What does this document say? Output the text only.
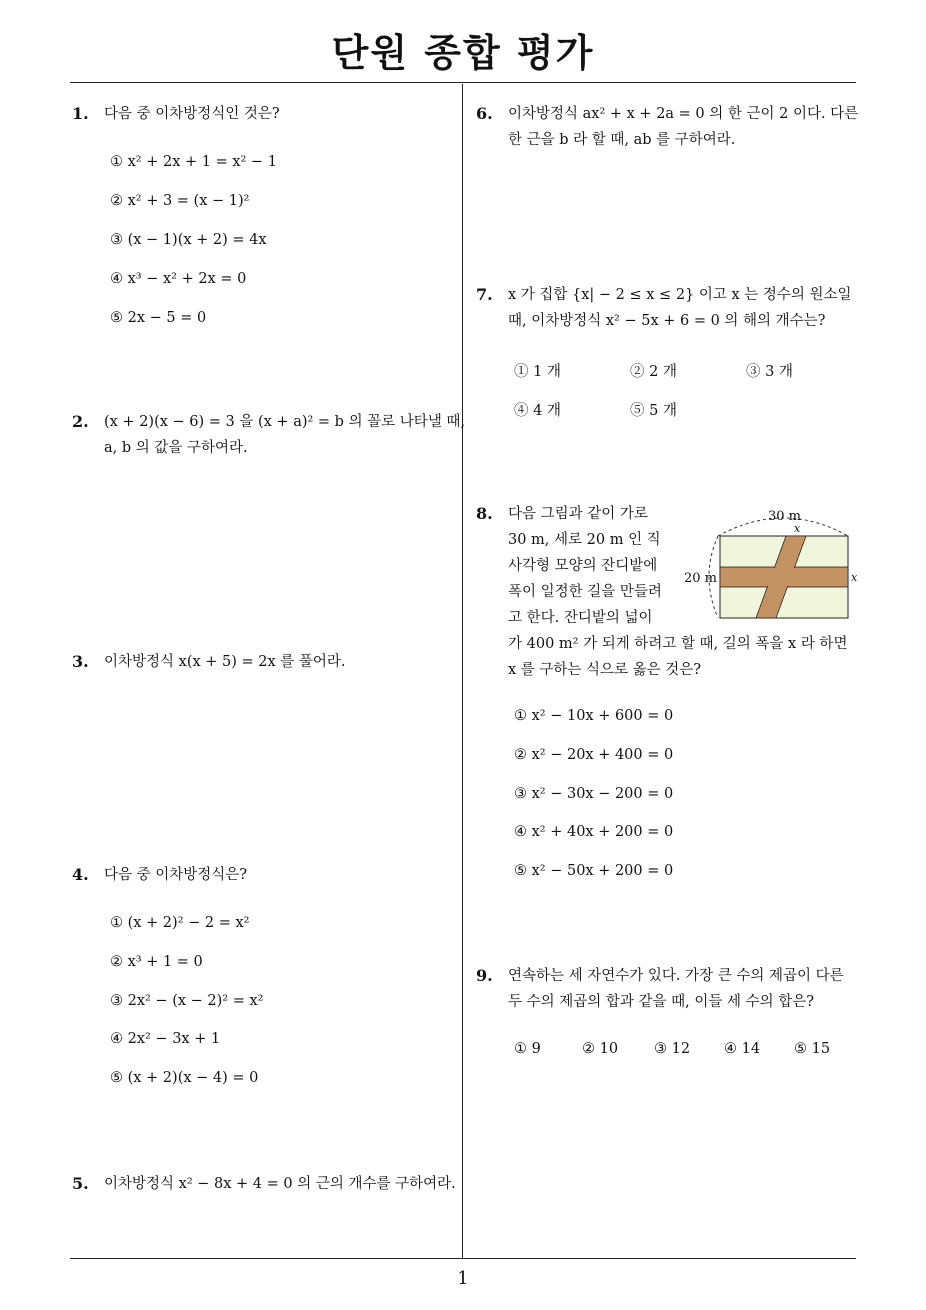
단원 종합 평가
1. 다음 중 이차방정식인 것은?
① x² + 2x + 1 = x² − 1
② x² + 3 = (x − 1)²
③ (x − 1)(x + 2) = 4x
④ x³ − x² + 2x = 0
⑤ 2x − 5 = 0
2. (x + 2)(x − 6) = 3 을 (x + a)² = b 의 꼴로 나타낼 때,
a, b 의 값을 구하여라.
3. 이차방정식 x(x + 5) = 2x 를 풀어라.
4. 다음 중 이차방정식은?
① (x + 2)² − 2 = x²
② x³ + 1 = 0
③ 2x² − (x − 2)² = x²
④ 2x² − 3x + 1
⑤ (x + 2)(x − 4) = 0
5. 이차방정식 x² − 8x + 4 = 0 의 근의 개수를 구하여라.
6. 이차방정식 ax² + x + 2a = 0 의 한 근이 2 이다. 다른
한 근을 b 라 할 때, ab 를 구하여라.
7. x 가 집합 {x| − 2 ≤ x ≤ 2} 이고 x 는 정수의 원소일
때, 이차방정식 x² − 5x + 6 = 0 의 해의 개수는?
① 1 개	② 2 개	③ 3 개
④ 4 개	⑤ 5 개
8. 다음 그림과 같이 가로
30 m, 세로 20 m 인 직
사각형 모양의 잔디밭에
폭이 일정한 길을 만들려
고 한다. 잔디밭의 넓이
가 400 m² 가 되게 하려고 할 때, 길의 폭을 x 라 하면
x 를 구하는 식으로 옳은 것은?
30 m
x
20 m	x
① x² − 10x + 600 = 0
② x² − 20x + 400 = 0
③ x² − 30x − 200 = 0
④ x² + 40x + 200 = 0
⑤ x² − 50x + 200 = 0
9. 연속하는 세 자연수가 있다. 가장 큰 수의 제곱이 다른
두 수의 제곱의 합과 같을 때, 이들 세 수의 합은?
① 9	② 10 ③ 12 ④ 14 ⑤ 15
1
